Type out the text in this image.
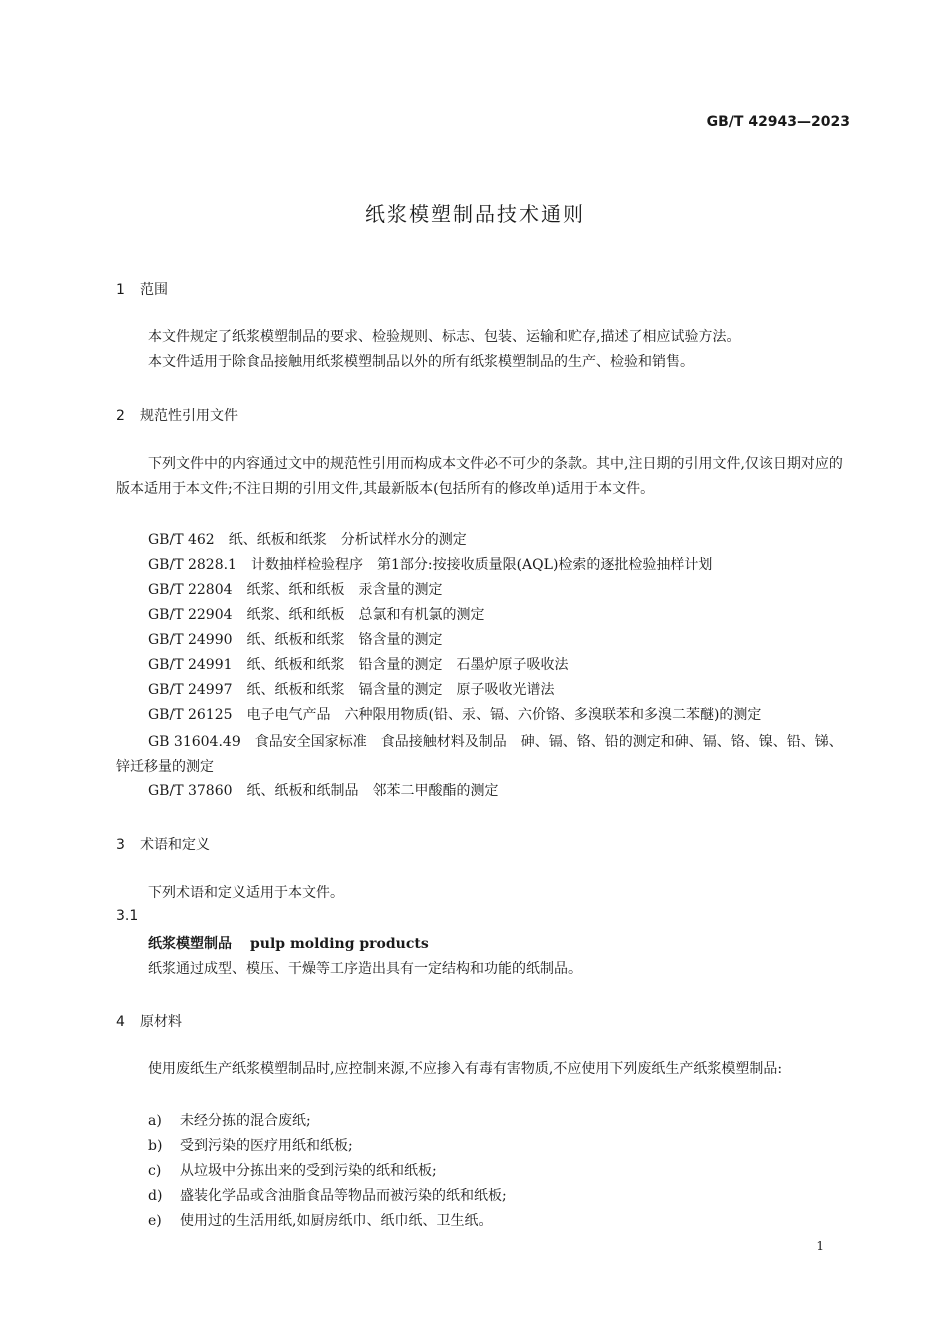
GB/T 42943—2023
纸浆模塑制品技术通则
1 范围

本文件规定了纸浆模塑制品的要求、检验规则、标志、包装、运输和贮存,描述了相应试验方法。

本文件适用于除食品接触用纸浆模塑制品以外的所有纸浆模塑制品的生产、检验和销售。

2 规范性引用文件

下列文件中的内容通过文中的规范性引用而构成本文件必不可少的条款。其中,注日期的引用文件,仅该日期对应的版本适用于本文件;不注日期的引用文件,其最新版本(包括所有的修改单)适用于本文件。

GB/T 462 纸、纸板和纸浆　分析试样水分的测定
GB/T 2828.1 计数抽样检验程序　第1部分:按接收质量限(AQL)检索的逐批检验抽样计划
GB/T 22804 纸浆、纸和纸板　汞含量的测定
GB/T 22904 纸浆、纸和纸板　总氯和有机氯的测定
GB/T 24990 纸、纸板和纸浆　铬含量的测定
GB/T 24991 纸、纸板和纸浆　铅含量的测定　石墨炉原子吸收法
GB/T 24997 纸、纸板和纸浆　镉含量的测定　原子吸收光谱法
GB/T 26125 电子电气产品　六种限用物质(铅、汞、镉、六价铬、多溴联苯和多溴二苯醚)的测定

GB 31604.49 食品安全国家标准　食品接触材料及制品　砷、镉、铬、铅的测定和砷、镉、铬、镍、铅、锑、锌迁移量的测定

GB/T 37860 纸、纸板和纸制品　邻苯二甲酸酯的测定
3 术语和定义
下列术语和定义适用于本文件。
3.1
纸浆模塑制品 pulp molding products
纸浆通过成型、模压、干燥等工序造出具有一定结构和功能的纸制品。
4 原材料

使用废纸生产纸浆模塑制品时,应控制来源,不应掺入有毒有害物质,不应使用下列废纸生产纸浆模塑制品:

a) 未经分拣的混合废纸;
b) 受到污染的医疗用纸和纸板;
c) 从垃圾中分拣出来的受到污染的纸和纸板;
d) 盛装化学品或含油脂食品等物品而被污染的纸和纸板;
e) 使用过的生活用纸,如厨房纸巾、纸巾纸、卫生纸。
1
